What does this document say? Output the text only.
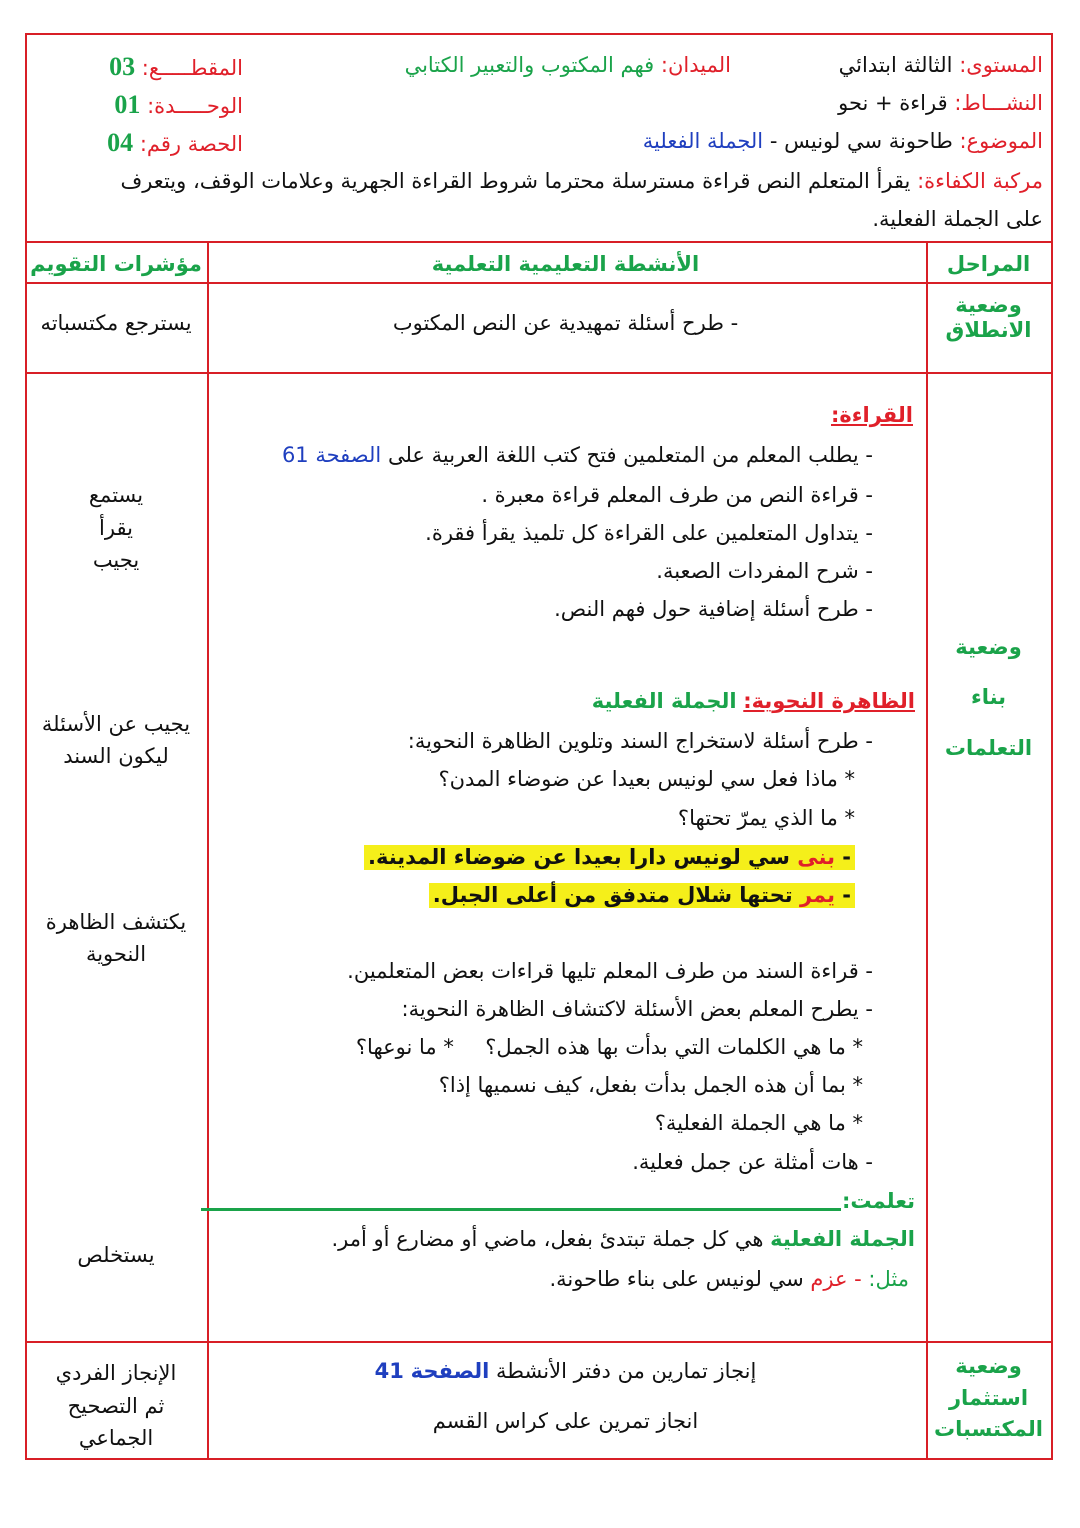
المستوى: الثالثة ابتدائي
الميدان: فهم المكتوب والتعبير الكتابي
المقطـــــع: 03
النشـــاط: قراءة + نحو
الوحـــــدة: 01
الموضوع: طاحونة سي لونيس - الجملة الفعلية
الحصة رقم: 04
مركبة الكفاءة: يقرأ المتعلم النص قراءة مسترسلة محترما شروط القراءة الجهرية وعلامات الوقف، ويتعرف
على الجملة الفعلية.
المراحل
الأنشطة التعليمية التعلمية
مؤشرات التقويم
وضعية
الانطلاق
- طرح أسئلة تمهيدية عن النص المكتوب
يسترجع مكتسباته
وضعية
بناء
التعلمات
القراءة:
- يطلب المعلم من المتعلمين فتح كتب اللغة العربية على الصفحة 61
- قراءة النص من طرف المعلم قراءة معبرة .
- يتداول المتعلمين على القراءة كل تلميذ يقرأ فقرة.
- شرح المفردات الصعبة.
- طرح أسئلة إضافية حول فهم النص.
الظاهرة النحوية: الجملة الفعلية
- طرح أسئلة لاستخراج السند وتلوين الظاهرة النحوية:
* ماذا فعل سي لونيس بعيدا عن ضوضاء المدن؟
* ما الذي يمرّ تحتها؟
- بنى سي لونيس دارا بعيدا عن ضوضاء المدينة.
- يمر تحتها شلال متدفق من أعلى الجبل.
- قراءة السند من طرف المعلم تليها قراءات بعض المتعلمين.
- يطرح المعلم بعض الأسئلة لاكتشاف الظاهرة النحوية:
* ما هي الكلمات التي بدأت بها هذه الجمل؟  * ما نوعها؟
* بما أن هذه الجمل بدأت بفعل، كيف نسميها إذا؟
* ما هي الجملة الفعلية؟
- هات أمثلة عن جمل فعلية.
تعلمت:
الجملة الفعلية هي كل جملة تبتدئ بفعل، ماضي أو مضارع أو أمر.
مثل: - عزم سي لونيس على بناء طاحونة.
يستمع
يقرأ
يجيب
يجيب عن الأسئلة
ليكون السند
يكتشف الظاهرة
النحوية
يستخلص
وضعية
استثمار
المكتسبات
إنجاز تمارين من دفتر الأنشطة الصفحة 41
انجاز تمرين على كراس القسم
الإنجاز الفردي
ثم التصحيح
الجماعي
